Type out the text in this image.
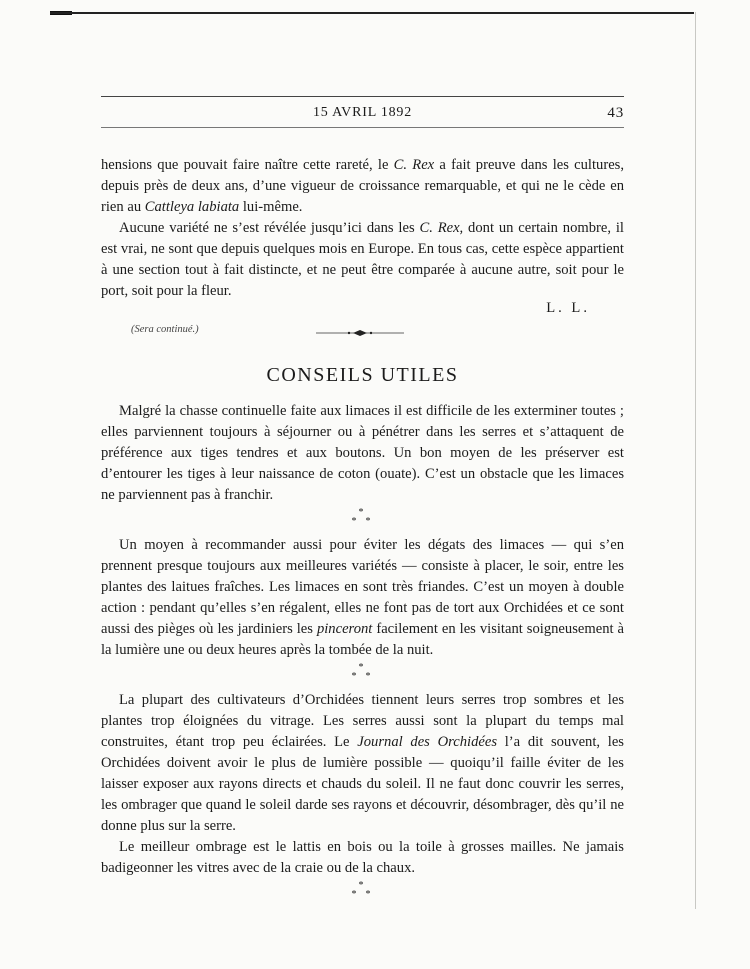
15 AVRIL 1892	43

hensions que pouvait faire naître cette rareté, le C. Rex a fait preuve dans les cultures, depuis près de deux ans, d’une vigueur de croissance remarquable, et qui ne le cède en rien au Cattleya labiata lui-même.

Aucune variété ne s’est révélée jusqu’ici dans les C. Rex, dont un certain nombre, il est vrai, ne sont que depuis quelques mois en Europe. En tous cas, cette espèce appartient à une section tout à fait distincte, et ne peut être comparée à aucune autre, soit pour le port, soit pour la fleur.

L. L.
(Sera continué.)
CONSEILS UTILES

Malgré la chasse continuelle faite aux limaces il est difficile de les exterminer toutes ; elles parviennent toujours à séjourner ou à pénétrer dans les serres et s’attaquent de préférence aux tiges tendres et aux boutons. Un bon moyen de les préserver est d’entourer les tiges à leur naissance de coton (ouate). C’est un obstacle que les limaces ne parviennent pas à franchir.

*
* *

Un moyen à recommander aussi pour éviter les dégats des limaces — qui s’en prennent presque toujours aux meilleures variétés — consiste à placer, le soir, entre les plantes des laitues fraîches. Les limaces en sont très friandes. C’est un moyen à double action : pendant qu’elles s’en régalent, elles ne font pas de tort aux Orchidées et ce sont aussi des pièges où les jardiniers les pinceront facilement en les visitant soigneusement à la lumière une ou deux heures après la tombée de la nuit.

*
* *

La plupart des cultivateurs d’Orchidées tiennent leurs serres trop sombres et les plantes trop éloignées du vitrage. Les serres aussi sont la plupart du temps mal construites, étant trop peu éclairées. Le Journal des Orchidées l’a dit souvent, les Orchidées doivent avoir le plus de lumière possible — quoiqu’il faille éviter de les laisser exposer aux rayons directs et chauds du soleil. Il ne faut donc couvrir les serres, les ombrager que quand le soleil darde ses rayons et découvrir, désombrager, dès qu’il ne donne plus sur la serre.

Le meilleur ombrage est le lattis en bois ou la toile à grosses mailles. Ne jamais badigeonner les vitres avec de la craie ou de la chaux.

*
* *
